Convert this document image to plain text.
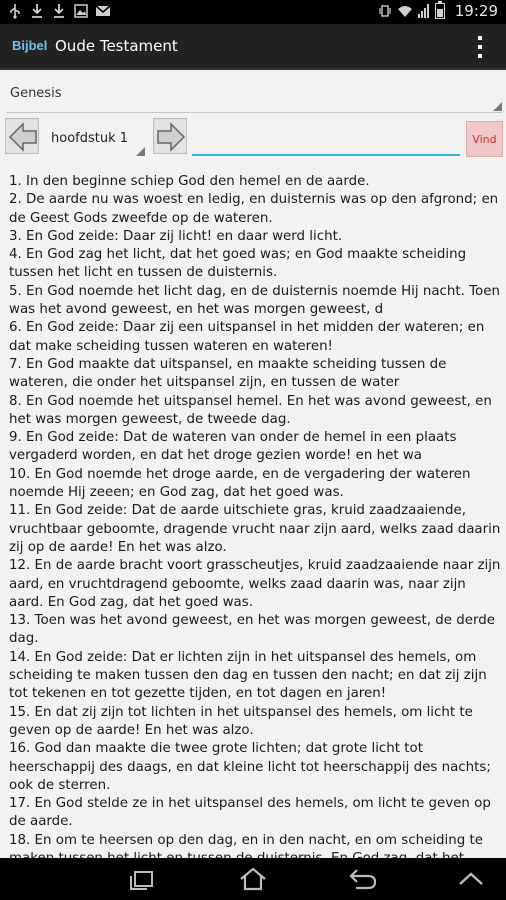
19:29
Bijbel Oude Testament
Genesis
hoofdstuk 1	Vind
1. In den beginne schiep God den hemel en de aarde.
2. De aarde nu was woest en ledig, en duisternis was op den afgrond; en de Geest Gods zweefde op de wateren.
3. En God zeide: Daar zij licht! en daar werd licht.
4. En God zag het licht, dat het goed was; en God maakte scheiding tussen het licht en tussen de duisternis.
5. En God noemde het licht dag, en de duisternis noemde Hij nacht. Toen was het avond geweest, en het was morgen geweest, d
6. En God zeide: Daar zij een uitspansel in het midden der wateren; en dat make scheiding tussen wateren en wateren!
7. En God maakte dat uitspansel, en maakte scheiding tussen de wateren, die onder het uitspansel zijn, en tussen de water
8. En God noemde het uitspansel hemel. En het was avond geweest, en het was morgen geweest, de tweede dag.
9. En God zeide: Dat de wateren van onder de hemel in een plaats vergaderd worden, en dat het droge gezien worde! en het wa
10. En God noemde het droge aarde, en de vergadering der wateren noemde Hij zeeen; en God zag, dat het goed was.
11. En God zeide: Dat de aarde uitschiete gras, kruid zaadzaaiende, vruchtbaar geboomte, dragende vrucht naar zijn aard, welks zaad daarin zij op de aarde! En het was alzo.
12. En de aarde bracht voort grasscheutjes, kruid zaadzaaiende naar zijn aard, en vruchtdragend geboomte, welks zaad daarin was, naar zijn aard. En God zag, dat het goed was.
13. Toen was het avond geweest, en het was morgen geweest, de derde dag.
14. En God zeide: Dat er lichten zijn in het uitspansel des hemels, om scheiding te maken tussen den dag en tussen den nacht; en dat zij zijn tot tekenen en tot gezette tijden, en tot dagen en jaren!
15. En dat zij zijn tot lichten in het uitspansel des hemels, om licht te geven op de aarde! En het was alzo.
16. God dan maakte die twee grote lichten; dat grote licht tot heerschappij des daags, en dat kleine licht tot heerschappij des nachts; ook de sterren.
17. En God stelde ze in het uitspansel des hemels, om licht te geven op de aarde.
18. En om te heersen op den dag, en in den nacht, en om scheiding te
